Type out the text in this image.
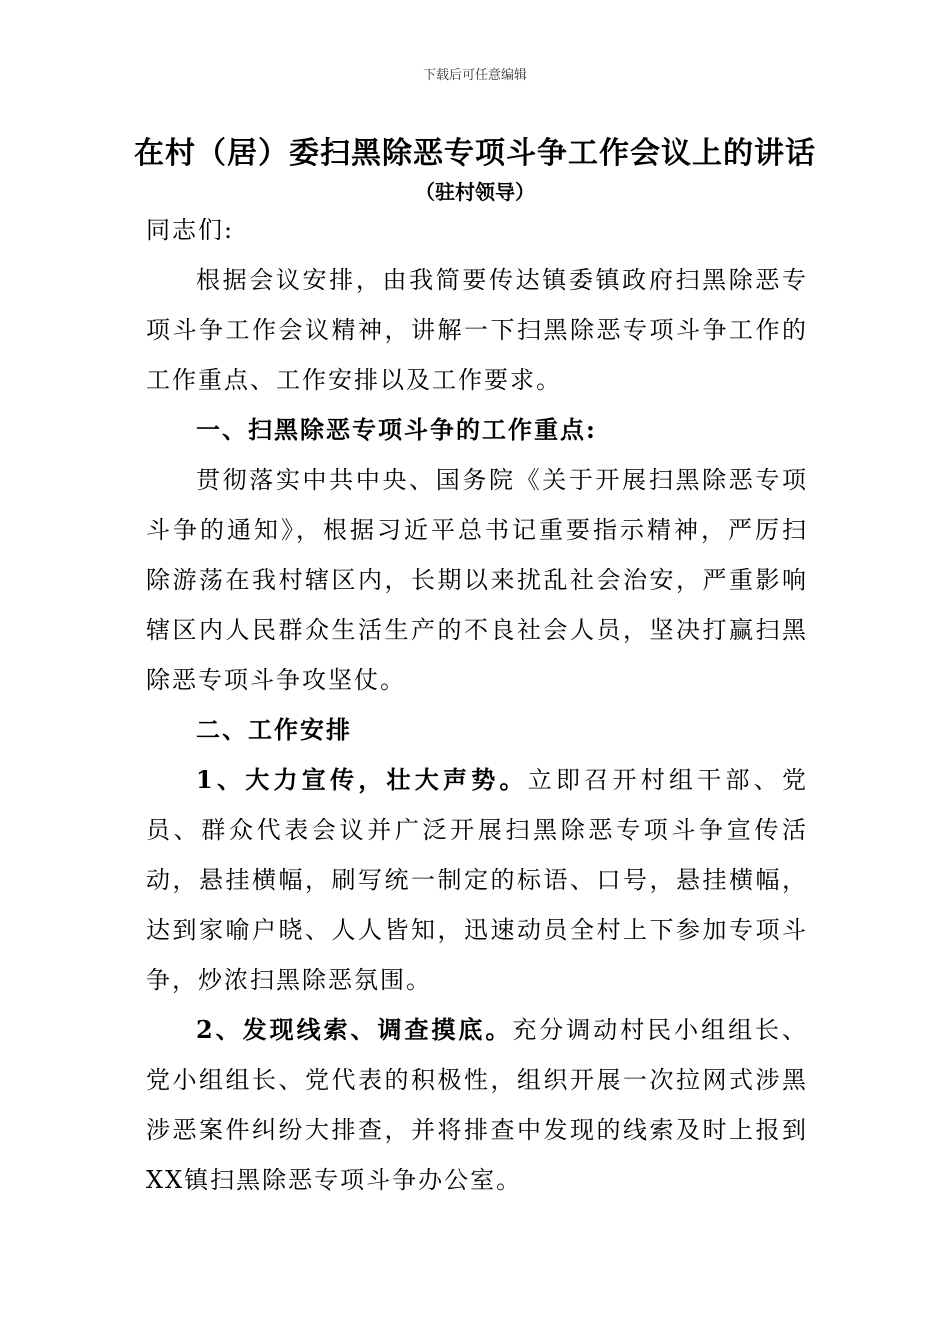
下载后可任意编辑
在村（居）委扫黑除恶专项斗争工作会议上的讲话
（驻村领导）

同志们:

根据会议安排，由我简要传达镇委镇政府扫黑除恶专项斗争工作会议精神，讲解一下扫黑除恶专项斗争工作的工作重点、工作安排以及工作要求。

一、扫黑除恶专项斗争的工作重点:

贯彻落实中共中央、国务院《关于开展扫黑除恶专项斗争的通知》，根据习近平总书记重要指示精神，严厉扫除游荡在我村辖区内，长期以来扰乱社会治安，严重影响辖区内人民群众生活生产的不良社会人员，坚决打赢扫黑除恶专项斗争攻坚仗。

二、工作安排

1、大力宣传，壮大声势。立即召开村组干部、党员、群众代表会议并广泛开展扫黑除恶专项斗争宣传活动，悬挂横幅，刷写统一制定的标语、口号，悬挂横幅，达到家喻户晓、人人皆知，迅速动员全村上下参加专项斗争，炒浓扫黑除恶氛围。

2、发现线索、调查摸底。充分调动村民小组组长、党小组组长、党代表的积极性，组织开展一次拉网式涉黑涉恶案件纠纷大排查，并将排查中发现的线索及时上报到XX镇扫黑除恶专项斗争办公室。
